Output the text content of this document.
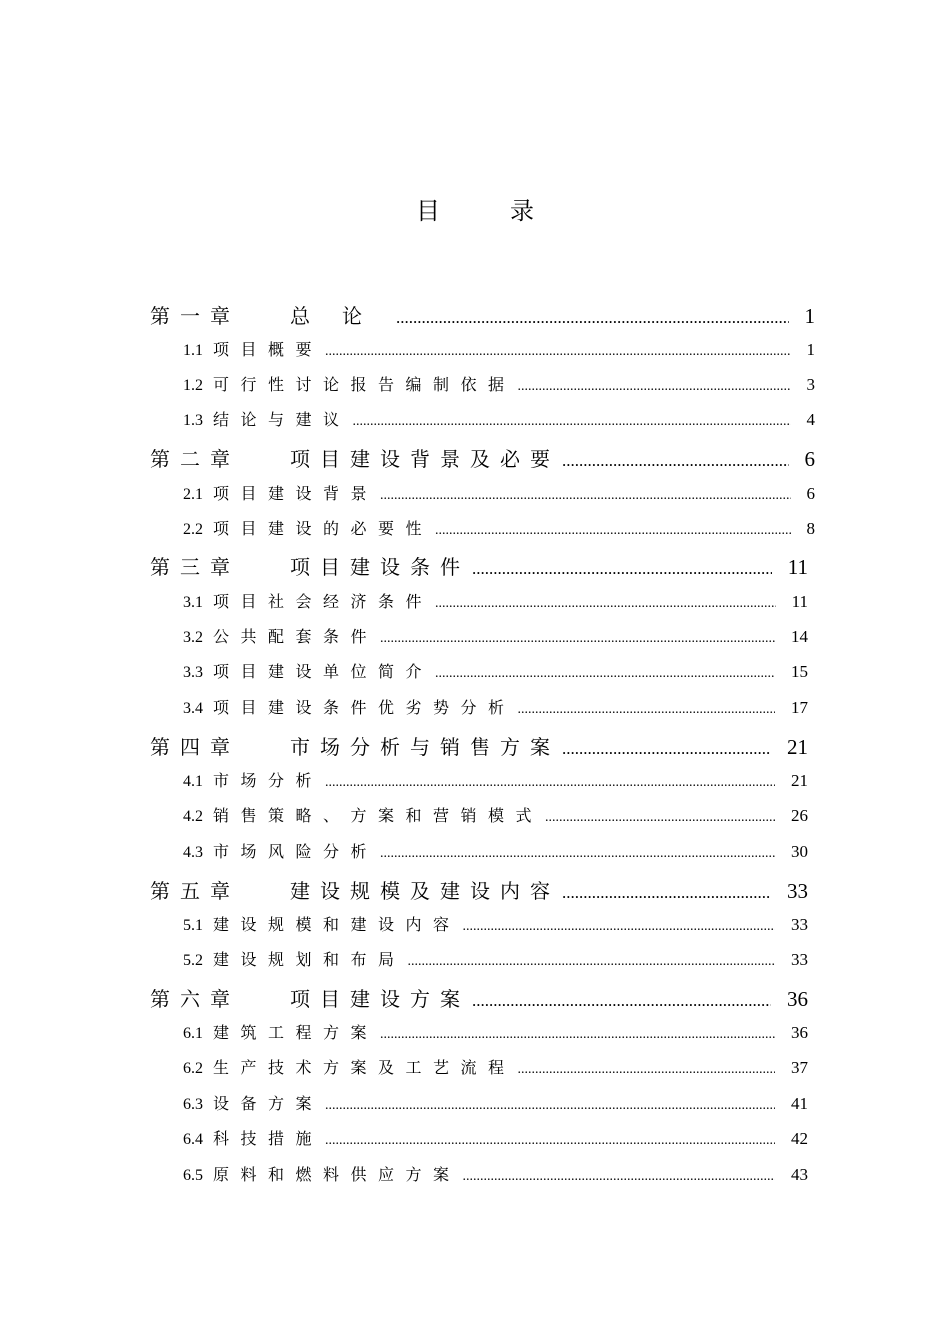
目	录
第一章	总论 .....	1
1.1 项目概要 .....	1
1.2 可行性讨论报告编制依据 .....	3
1.3 结论与建议 .....	4
第二章	项目建设背景及必要 .....	6
2.1 项目建设背景 .....	6
2.2 项目建设的必要性 .....	8
第三章	项目建设条件 .....	11
3.1 项目社会经济条件 .....	11
3.2 公共配套条件 .....	14
3.3 项目建设单位简介 .....	15
3.4 项目建设条件优劣势分析 .....	17
第四章	市场分析与销售方案 .....	21
4.1 市场分析 .....	21
4.2 销售策略、方案和营销模式 .....	26
4.3 市场风险分析 .....	30
第五章	建设规模及建设内容 .....	33
5.1 建设规模和建设内容 .....	33
5.2 建设规划和布局 .....	33
第六章	项目建设方案 .....	36
6.1 建筑工程方案 .....	36
6.2 生产技术方案及工艺流程 .....	37
6.3 设备方案 .....	41
6.4 科技措施 .....	42
6.5 原料和燃料供应方案 .....	43
